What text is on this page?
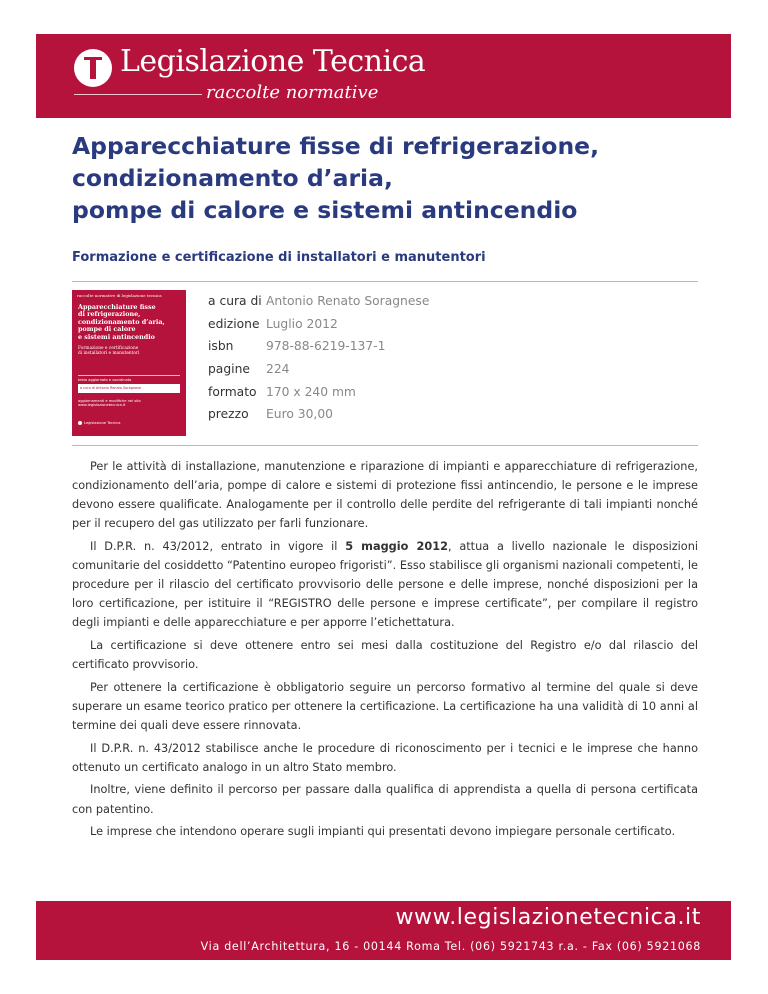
Legislazione Tecnica
raccolte normative
Apparecchiature fisse di refrigerazione,
condizionamento d’aria,
pompe di calore e sistemi antincendio
Formazione e certificazione di installatori e manutentori
raccolte normative di legislazione tecnica
Apparecchiature fisse
di refrigerazione,
condizionamento d’aria,
pompe di calore
e sistemi antincendio
Formazione e certificazione
di installatori e manutentori
testo aggiornato e coordinato
a cura di Antonio Renato Soragnese
aggiornamenti e modifiche nel sito
www.legislazionetecnica.it
Legislazione Tecnica
a cura di Antonio Renato Soragnese
edizione Luglio 2012
isbn	978-88-6219-137-1
pagine	224
formato 170 x 240 mm
prezzo	Euro 30,00

Per le attività di installazione, manutenzione e riparazione di impianti e apparecchiature di refrigerazione, condizionamento dell’aria, pompe di calore e sistemi di protezione fissi antincendio, le persone e le imprese devono essere qualificate. Analogamente per il controllo delle perdite del refrigerante di tali impianti nonché per il recupero del gas utilizzato per farli funzionare.

Il D.P.R. n. 43/2012, entrato in vigore il 5 maggio 2012, attua a livello nazionale le disposizioni comunitarie del cosiddetto “Patentino europeo frigoristi”. Esso stabilisce gli organismi nazionali competenti, le procedure per il rilascio del certificato provvisorio delle persone e delle imprese, nonché disposizioni per la loro certificazione, per istituire il “REGISTRO delle persone e imprese certificate”, per compilare il registro degli impianti e delle apparecchiature e per apporre l’etichettatura.

La certificazione si deve ottenere entro sei mesi dalla costituzione del Registro e/o dal rilascio del certificato provvisorio.

Per ottenere la certificazione è obbligatorio seguire un percorso formativo al termine del quale si deve superare un esame teorico pratico per ottenere la certificazione. La certificazione ha una validità di 10 anni al termine dei quali deve essere rinnovata.

Il D.P.R. n. 43/2012 stabilisce anche le procedure di riconoscimento per i tecnici e le imprese che hanno ottenuto un certificato analogo in un altro Stato membro.

Inoltre, viene definito il percorso per passare dalla qualifica di apprendista a quella di persona certificata con patentino.

Le imprese che intendono operare sugli impianti qui presentati devono impiegare personale certificato.

www.legislazionetecnica.it
Via dell’Architettura, 16 - 00144 Roma Tel. (06) 5921743 r.a. - Fax (06) 5921068
